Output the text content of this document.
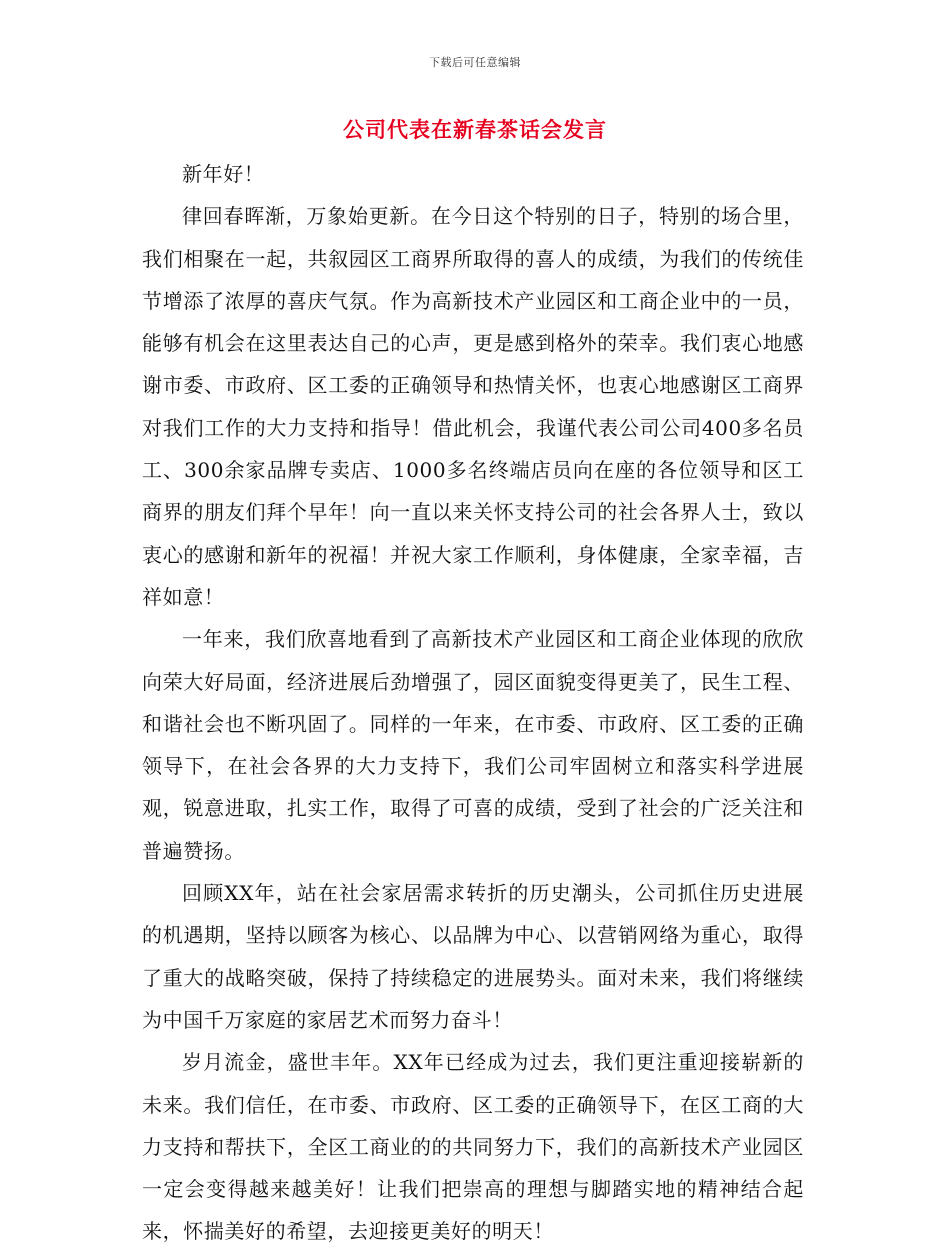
下载后可任意编辑
公司代表在新春茶话会发言

新年好！

律回春晖渐，万象始更新。在今日这个特别的日子，特别的场合里，我们相聚在一起，共叙园区工商界所取得的喜人的成绩，为我们的传统佳节增添了浓厚的喜庆气氛。作为高新技术产业园区和工商企业中的一员，能够有机会在这里表达自己的心声，更是感到格外的荣幸。我们衷心地感谢市委、市政府、区工委的正确领导和热情关怀，也衷心地感谢区工商界对我们工作的大力支持和指导！借此机会，我谨代表公司公司400多名员工、300余家品牌专卖店、1000多名终端店员向在座的各位领导和区工商界的朋友们拜个早年！向一直以来关怀支持公司的社会各界人士，致以衷心的感谢和新年的祝福！并祝大家工作顺利，身体健康，全家幸福，吉祥如意！

一年来，我们欣喜地看到了高新技术产业园区和工商企业体现的欣欣向荣大好局面，经济进展后劲增强了，园区面貌变得更美了，民生工程、和谐社会也不断巩固了。同样的一年来，在市委、市政府、区工委的正确领导下，在社会各界的大力支持下，我们公司牢固树立和落实科学进展观，锐意进取，扎实工作，取得了可喜的成绩，受到了社会的广泛关注和普遍赞扬。

回顾XX年，站在社会家居需求转折的历史潮头，公司抓住历史进展的机遇期，坚持以顾客为核心、以品牌为中心、以营销网络为重心，取得了重大的战略突破，保持了持续稳定的进展势头。面对未来，我们将继续为中国千万家庭的家居艺术而努力奋斗！

岁月流金，盛世丰年。XX年已经成为过去，我们更注重迎接崭新的未来。我们信任，在市委、市政府、区工委的正确领导下，在区工商的大力支持和帮扶下，全区工商业的的共同努力下，我们的高新技术产业园区一定会变得越来越美好！让我们把崇高的理想与脚踏实地的精神结合起来，怀揣美好的希望，去迎接更美好的明天！
